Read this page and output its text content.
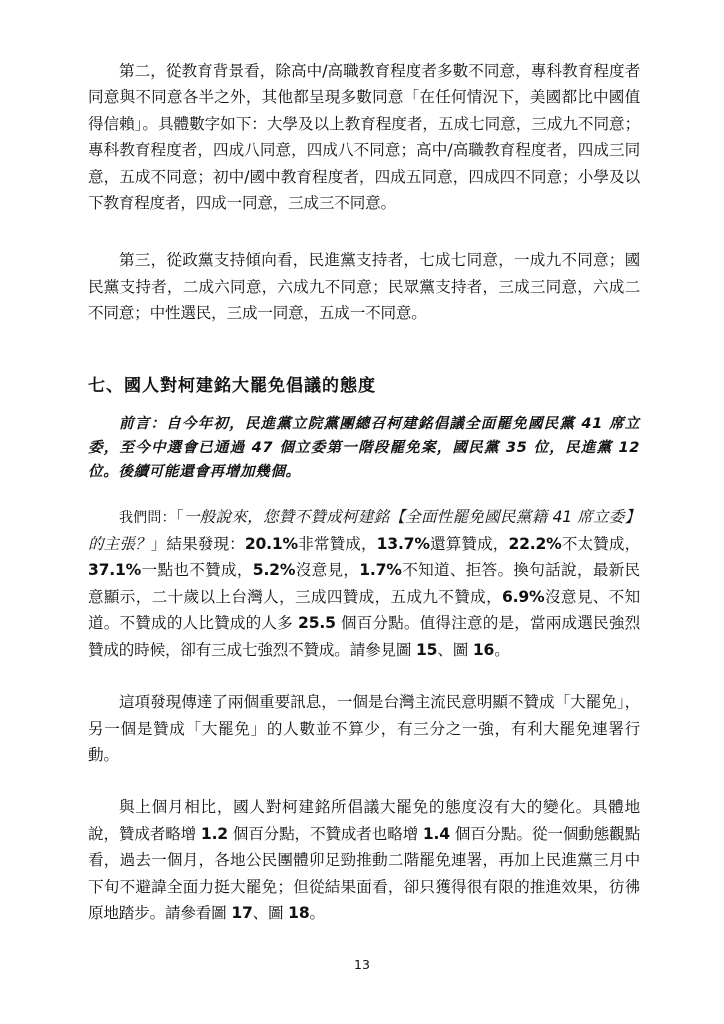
第二，從教育背景看，除高中/高職教育程度者多數不同意，專科教育程度者同意與不同意各半之外，其他都呈現多數同意「在任何情況下，美國都比中國值得信賴」。具體數字如下：大學及以上教育程度者，五成七同意，三成九不同意；專科教育程度者，四成八同意，四成八不同意；高中/高職教育程度者，四成三同意，五成不同意；初中/國中教育程度者，四成五同意，四成四不同意；小學及以下教育程度者，四成一同意，三成三不同意。

第三，從政黨支持傾向看，民進黨支持者，七成七同意，一成九不同意；國民黨支持者，二成六同意，六成九不同意；民眾黨支持者，三成三同意，六成二不同意；中性選民，三成一同意，五成一不同意。

七、國人對柯建銘大罷免倡議的態度

前言：自今年初，民進黨立院黨團總召柯建銘倡議全面罷免國民黨 41 席立委，至今中選會已通過 47 個立委第一階段罷免案，國民黨 35 位，民進黨 12 位。後續可能還會再增加幾個。

我們問：「一般說來，您贊不贊成柯建銘【全面性罷免國民黨籍 41 席立委】的主張？」結果發現：20.1%非常贊成，13.7%還算贊成，22.2%不太贊成，37.1%一點也不贊成，5.2%沒意見，1.7%不知道、拒答。換句話說，最新民意顯示，二十歲以上台灣人，三成四贊成，五成九不贊成，6.9%沒意見、不知道。不贊成的人比贊成的人多 25.5 個百分點。值得注意的是，當兩成選民強烈贊成的時候，卻有三成七強烈不贊成。請參見圖 15、圖 16。

這項發現傳達了兩個重要訊息，一個是台灣主流民意明顯不贊成「大罷免」，另一個是贊成「大罷免」的人數並不算少，有三分之一強，有利大罷免連署行動。

與上個月相比，國人對柯建銘所倡議大罷免的態度沒有大的變化。具體地說，贊成者略增 1.2 個百分點，不贊成者也略增 1.4 個百分點。從一個動態觀點看，過去一個月，各地公民團體卯足勁推動二階罷免連署，再加上民進黨三月中下旬不避諱全面力挺大罷免；但從結果面看，卻只獲得很有限的推進效果，彷彿原地踏步。請參看圖 17、圖 18。

13
